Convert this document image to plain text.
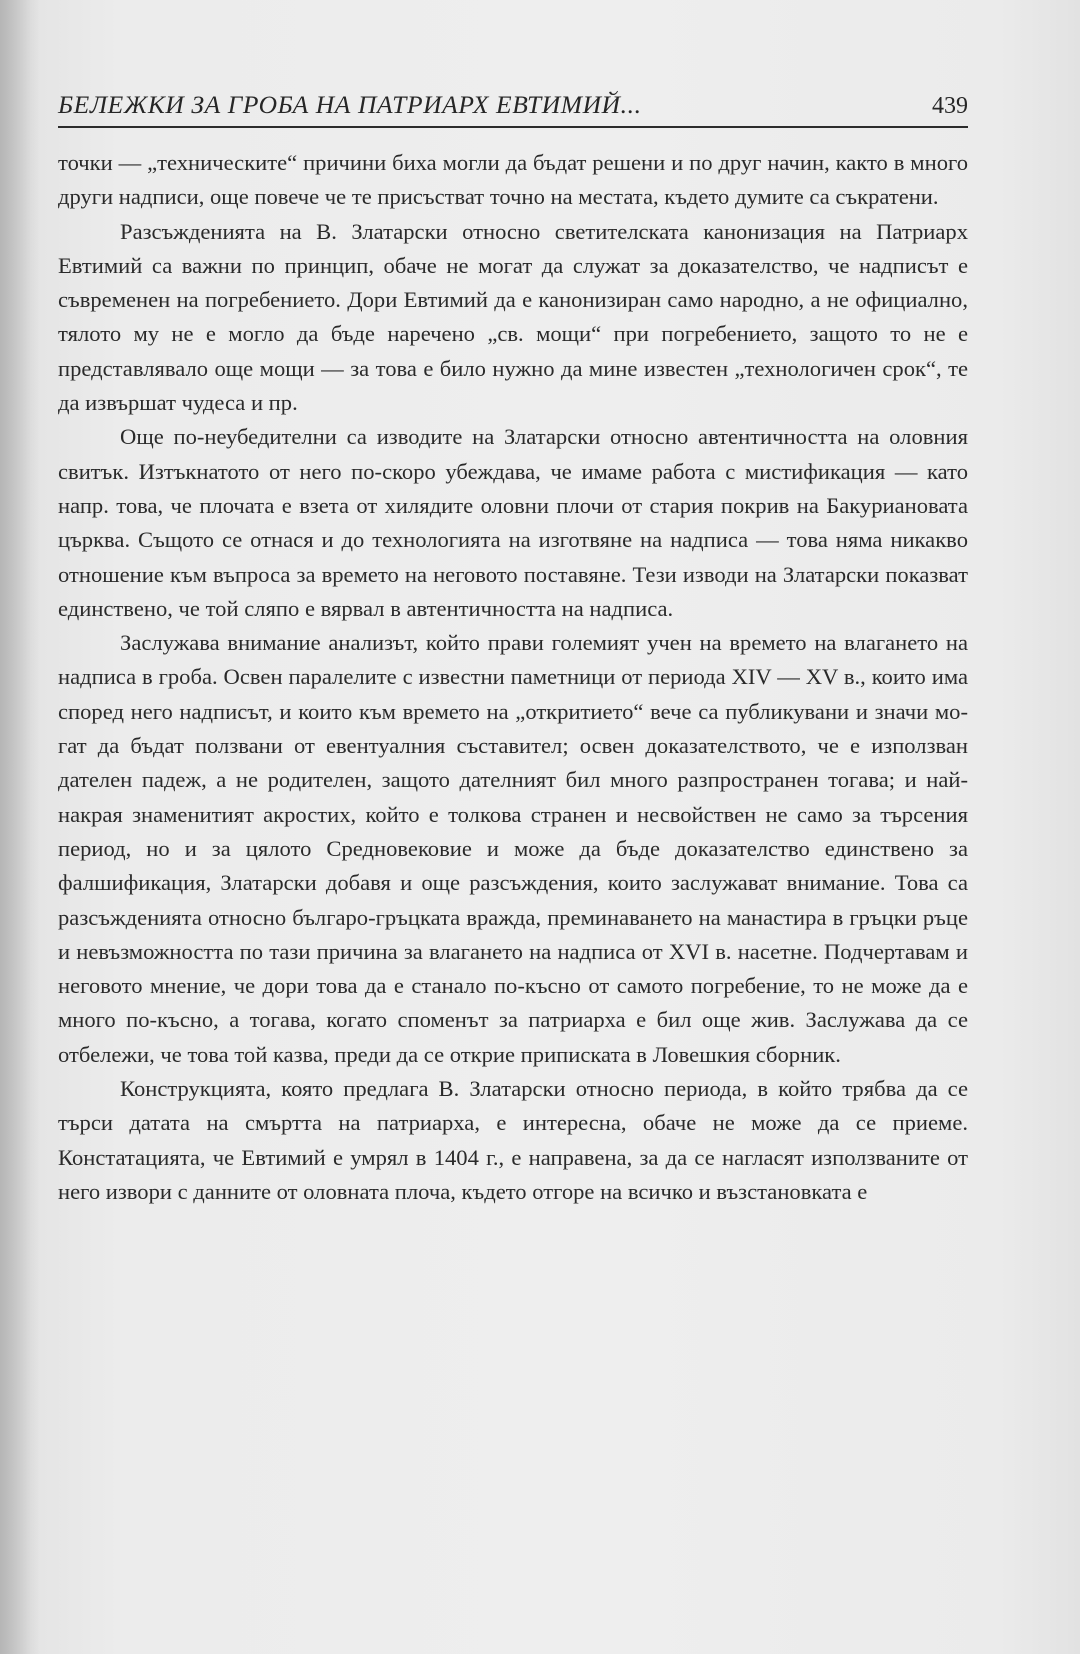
БЕЛЕЖКИ ЗА ГРОБА НА ПАТРИАРХ ЕВТИМИЙ...	439

точки — „техническите“ причини биха могли да бъдат решени и по друг начин, както в много други надписи, още повече че те присъстват точно на местата, където думите са съкратени.

Разсъжденията на В. Златарски относно светителската канонизация на Патриарх Евтимий са важни по принцип, обаче не могат да служат за доказателство, че надписът е съвременен на погребението. Дори Евтимий да е канонизиран само народно, а не официално, тялото му не е могло да бъде наречено „св. мощи“ при погребението, защото то не е представлявало още мощи — за това е било нужно да мине известен „технологичен срок“, те да извършат чудеса и пр.

Още по-неубедителни са изводите на Златарски относно автентичността на оловния свитък. Изтъкнатото от него по-скоро убеждава, че имаме работа с мистификация — като напр. това, че плочата е взета от хилядите оловни плочи от стария покрив на Бакуриановата църква. Същото се отнася и до технологията на изготвяне на надписа — това няма никакво отношение към въпроса за времето на неговото поставяне. Тези изводи на Златарски показват единствено, че той сляпо е вярвал в автентичността на надписа.

Заслужава внимание анализът, който прави големият учен на времето на влагането на надписа в гроба. Освен паралелите с известни паметници от периода XIV — XV в., които има според него надписът, и които към времето на „откритието“ вече са публикувани и значи могат да бъдат ползвани от евентуалния съставител; освен доказателството, че е използван дателен падеж, а не родителен, защото дателният бил много разпространен тогава; и най-накрая знаменитият акростих, който е толкова странен и несвойствен не само за търсения период, но и за цялото Средновековие и може да бъде доказателство единствено за фалшификация, Златарски добавя и още разсъждения, които заслужават внимание. Това са разсъжденията относно българо-гръцката вражда, преминаването на манастира в гръцки ръце и невъзможността по тази причина за влагането на надписа от XVI в. насетне. Подчертавам и неговото мнение, че дори това да е станало по-късно от самото погребение, то не може да е много по-късно, а тогава, когато споменът за патриарха е бил още жив. Заслужава да се отбележи, че това той казва, преди да се открие приписката в Ловешкия сборник.

Конструкцията, която предлага В. Златарски относно периода, в който трябва да се търси датата на смъртта на патриарха, е интересна, обаче не може да се приеме. Констатацията, че Евтимий е умрял в 1404 г., е направена, за да се нагласят използваните от него извори с данните от оловната плоча, където отгоре на всичко и възстановката е
